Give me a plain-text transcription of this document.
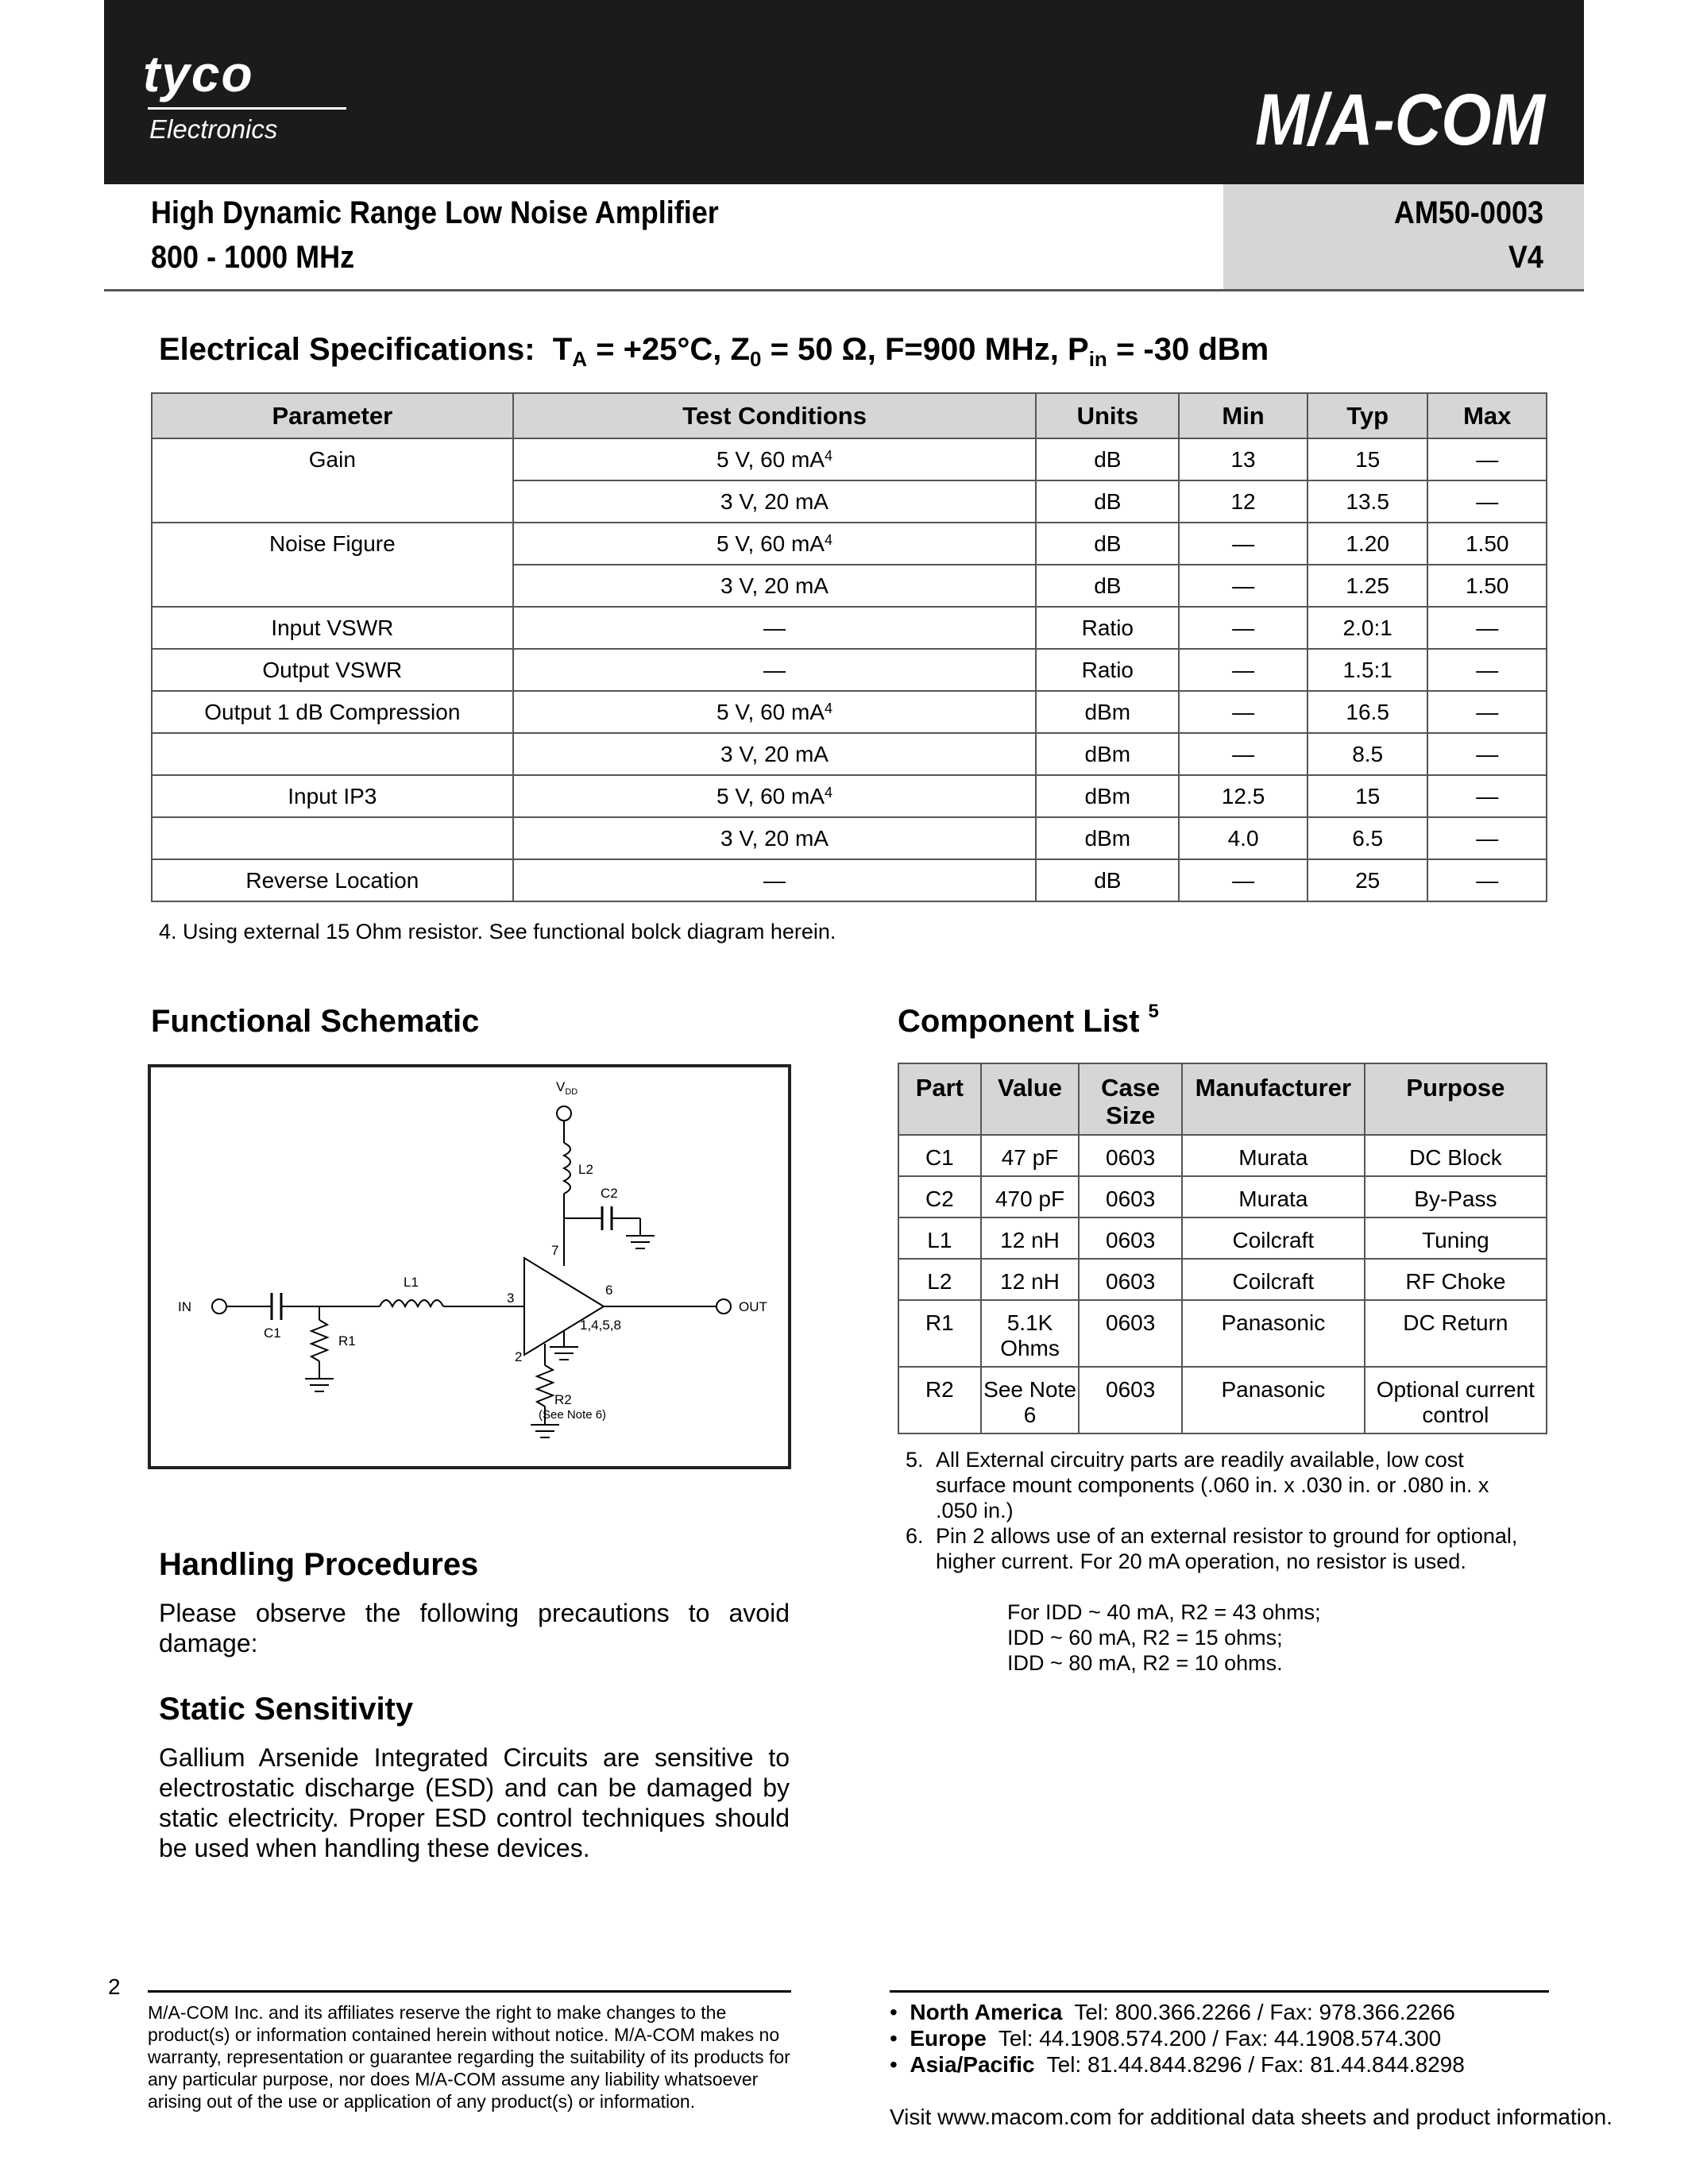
tyco
Electronics	M/A-COM
High Dynamic Range Low Noise Amplifier
800 - 1000 MHz
AM50-0003
V4
Electrical Specifications: $T_A = +25^\circ C$, $Z_0 = 50$ Ω, F=900 MHz, $P_{in} = -30$ dBm
Parameter	Test Conditions	Units	Min	Typ	Max
Gain	5 V, 60 $mA^4$	dB	13	15	—
	3 V, 20 mA	dB	12	13.5	—
Noise Figure	5 V, 60 $mA^4$	dB	—	1.20	1.50
	3 V, 20 mA	dB	—	1.25	1.50
Input VSWR	—	Ratio	—	2.0:1	—
Output VSWR	—	Ratio	—	1.5:1	—
Output 1 dB Compression	5 V, 60 $mA^4$	dBm	—	16.5	—
	3 V, 20 mA	dBm	—	8.5	—
Input IP3	5 V, 60 $mA^4$	dBm	12.5	15	—
	3 V, 20 mA	dBm	4.0	6.5	—
Reverse Location	—	dB	—	25	—
4. Using external 15 Ohm resistor. See functional bolck diagram herein.
Functional Schematic
$V_{DD}$
L2
C2
L1
IN	OUT
C1
R1
R2
(See Note 6)
7
6
3
2
1,4,5,8
Component List $^5$
Part	Value	Case Size	Manufacturer	Purpose
C1	47 pF	0603	Murata	DC Block
C2	470 pF	0603	Murata	By-Pass
L1	12 nH	0603	Coilcraft	Tuning
L2	12 nH	0603	Coilcraft	RF Choke
R1	5.1K Ohms	0603	Panasonic	DC Return
R2	See Note 6	0603	Panasonic	Optional current control
5. All External circuitry parts are readily available, low cost surface mount components (.060 in. x .030 in. or .080 in. x .050 in.)
6. Pin 2 allows use of an external resistor to ground for optional, higher current. For 20 mA operation, no resistor is used.
For IDD ~ 40 mA, R2 = 43 ohms;
IDD ~ 60 mA, R2 = 15 ohms;
IDD ~ 80 mA, R2 = 10 ohms.
Handling Procedures
Please observe the following precautions to avoid damage:
Static Sensitivity
Gallium Arsenide Integrated Circuits are sensitive to electrostatic discharge (ESD) and can be damaged by static electricity. Proper ESD control techniques should be used when handling these devices.
2
M/A-COM Inc. and its affiliates reserve the right to make changes to the product(s) or information contained herein without notice. M/A-COM makes no warranty, representation or guarantee regarding the suitability of its products for any particular purpose, nor does M/A-COM assume any liability whatsoever arising out of the use or application of any product(s) or information.
•  North America Tel: 800.366.2266 / Fax: 978.366.2266
•  Europe Tel: 44.1908.574.200 / Fax: 44.1908.574.300
•  Asia/Pacific Tel: 81.44.844.8296 / Fax: 81.44.844.8298
Visit www.macom.com for additional data sheets and product information.
